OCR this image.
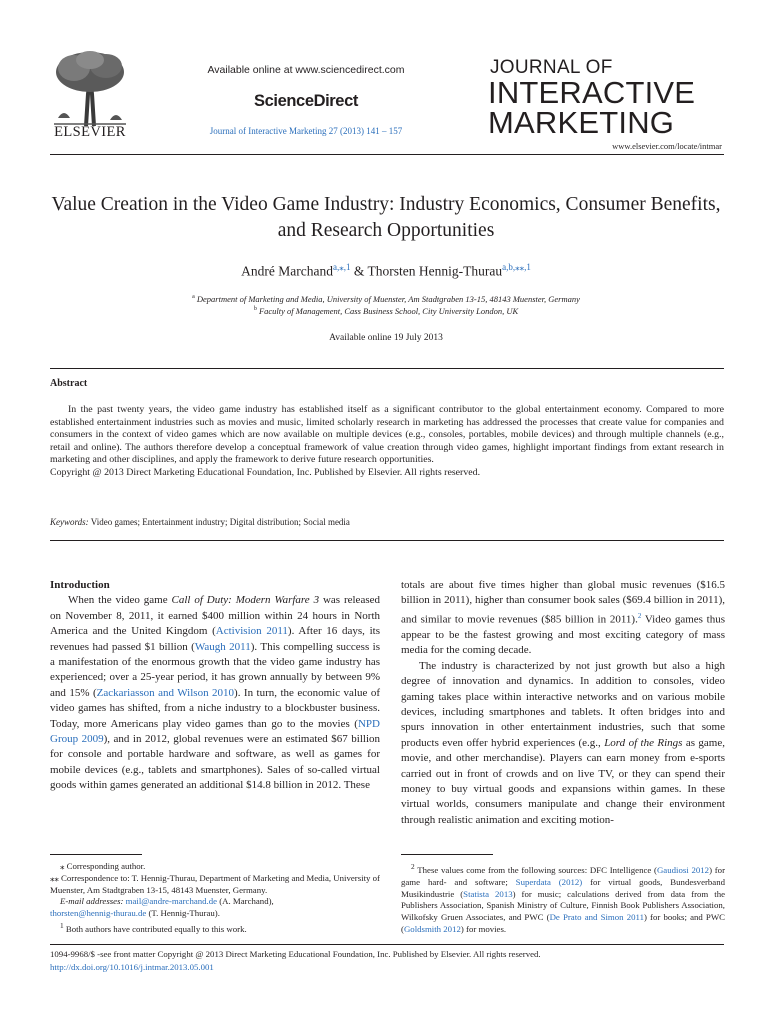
ELSEVIER
Available online at www.sciencedirect.com
ScienceDirect
Journal of Interactive Marketing 27 (2013) 141 – 157
JOURNAL OF
INTERACTIVE
MARKETING
www.elsevier.com/locate/intmar
Value Creation in the Video Game Industry: Industry Economics, Consumer Benefits, and Research Opportunities
André Marchand$^{a,⁎,1}$ & Thorsten Hennig-Thurau$^{a,b,⁎⁎,1}$
$^a$ Department of Marketing and Media, University of Muenster, Am Stadtgraben 13-15, 48143 Muenster, Germany
$^b$ Faculty of Management, Cass Business School, City University London, UK
Available online 19 July 2013
Abstract

In the past twenty years, the video game industry has established itself as a significant contributor to the global entertainment economy. Compared to more established entertainment industries such as movies and music, limited scholarly research in marketing has addressed the processes that create value for companies and consumers in the context of video games which are now available on multiple devices (e.g., consoles, portables, mobile devices) and through multiple channels (e.g., retail and online). The authors therefore develop a conceptual framework of value creation through video games, highlight important findings from extant research in marketing and other disciplines, and apply the framework to derive future research opportunities.

Copyright @ 2013 Direct Marketing Educational Foundation, Inc. Published by Elsevier. All rights reserved.

Keywords: Video games; Entertainment industry; Digital distribution; Social media

Introduction

When the video game Call of Duty: Modern Warfare 3 was released on November 8, 2011, it earned $400 million within 24 hours in North America and the United Kingdom (Activision 2011). After 16 days, its revenues had passed $1 billion (Waugh 2011). This compelling success is a manifestation of the enormous growth that the video game industry has experienced; over a 25-year period, it has grown annually by between 9% and 15% (Zackariasson and Wilson 2010). In turn, the economic value of video games has shifted, from a niche industry to a blockbuster business. Today, more Americans play video games than go to the movies (NPD Group 2009), and in 2012, global revenues were an estimated $67 billion for console and portable hardware and software, as well as games for mobile devices (e.g., tablets and smartphones). Sales of so-called virtual goods within games generated an additional $14.8 billion in 2012. These

totals are about five times higher than global music revenues ($16.5 billion in 2011), higher than consumer book sales ($69.4 billion in 2011), and similar to movie revenues ($85 billion in 2011).$^2$ Video games thus appear to be the fastest growing and most exciting category of mass media for the coming decade.

The industry is characterized by not just growth but also a high degree of innovation and dynamics. In addition to consoles, video gaming takes place within interactive networks and on various mobile devices, including smartphones and tablets. It often bridges into and spurs innovation in other entertainment industries, such that some products even offer hybrid experiences (e.g., Lord of the Rings as game, movie, and other merchandise). Players can earn money from e-sports carried out in front of crowds and on live TV, or they can spend their money to buy virtual goods and expansions within games. In these virtual worlds, consumers manipulate and change their environment through realistic animation and exciting motion-

⁎ Corresponding author.

⁎⁎ Correspondence to: T. Hennig-Thurau, Department of Marketing and Media, University of Muenster, Am Stadtgraben 13-15, 48143 Muenster, Germany.

E-mail addresses: mail@andre-marchand.de (A. Marchand),

thorsten@hennig-thurau.de (T. Hennig-Thurau).

$^1$ Both authors have contributed equally to this work.

$^2$ These values come from the following sources: DFC Intelligence (Gaudiosi 2012) for game hard- and software; Superdata (2012) for virtual goods, Bundesverband Musikindustrie (Statista 2013) for music; calculations derived from data from the Publishers Association, Spanish Ministry of Culture, Finnish Book Publishers Association, Wilkofsky Gruen Associates, and PWC (De Prato and Simon 2011) for books; and PWC (Goldsmith 2012) for movies.

1094-9968/$ -see front matter Copyright @ 2013 Direct Marketing Educational Foundation, Inc. Published by Elsevier. All rights reserved.
http://dx.doi.org/10.1016/j.intmar.2013.05.001
